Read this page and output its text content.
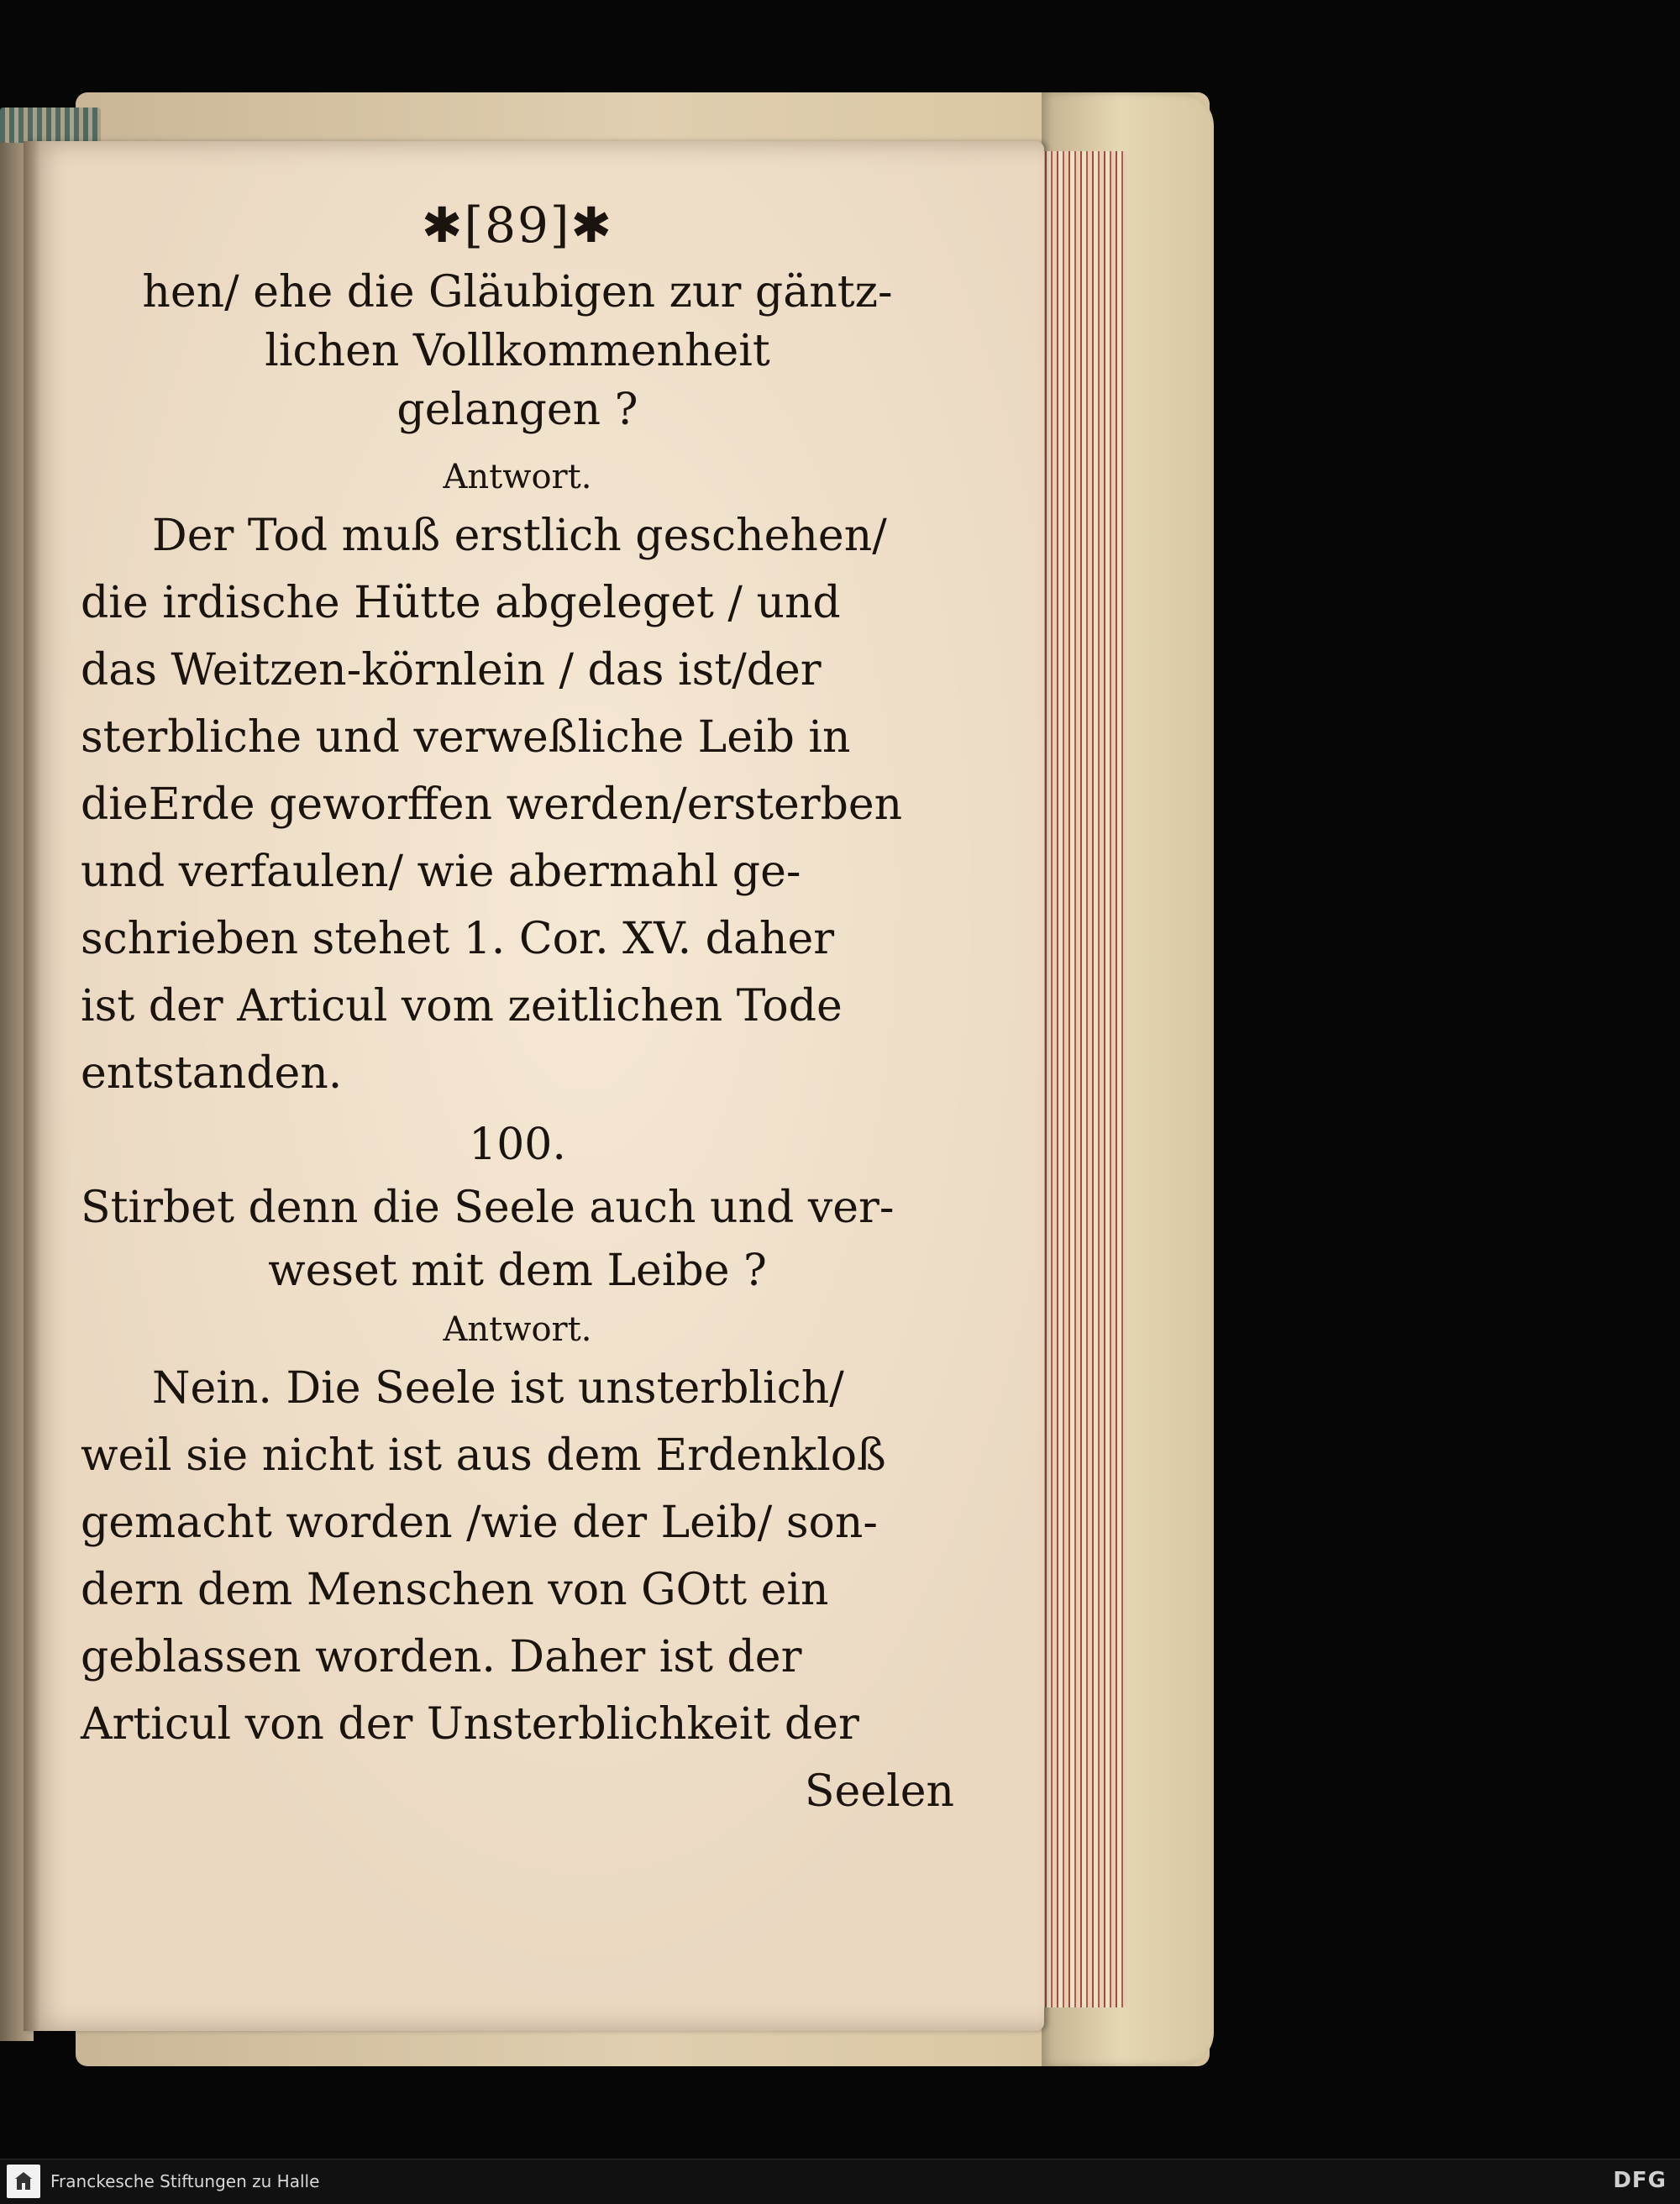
✱[89]✱
hen/ ehe die Gläubigen zur gäntz-
lichen Vollkommenheit
gelangen ?
Antwort.
Der Tod muß erstlich geschehen/
die irdische Hütte abgeleget / und
das Weitzen-körnlein / das ist/der
sterbliche und verweßliche Leib in
dieErde geworffen werden/ersterben
und verfaulen/ wie abermahl ge-
schrieben stehet 1. Cor. XV. daher
ist der Articul vom zeitlichen Tode
entstanden.
100.
Stirbet denn die Seele auch und ver-
weset mit dem Leibe ?
Antwort.
Nein. Die Seele ist unsterblich/
weil sie nicht ist aus dem Erdenkloß
gemacht worden /wie der Leib/ son-
dern dem Menschen von GOtt ein
geblassen worden. Daher ist der
Articul von der Unsterblichkeit der
Seelen
Franckesche Stiftungen zu Halle	DFG
